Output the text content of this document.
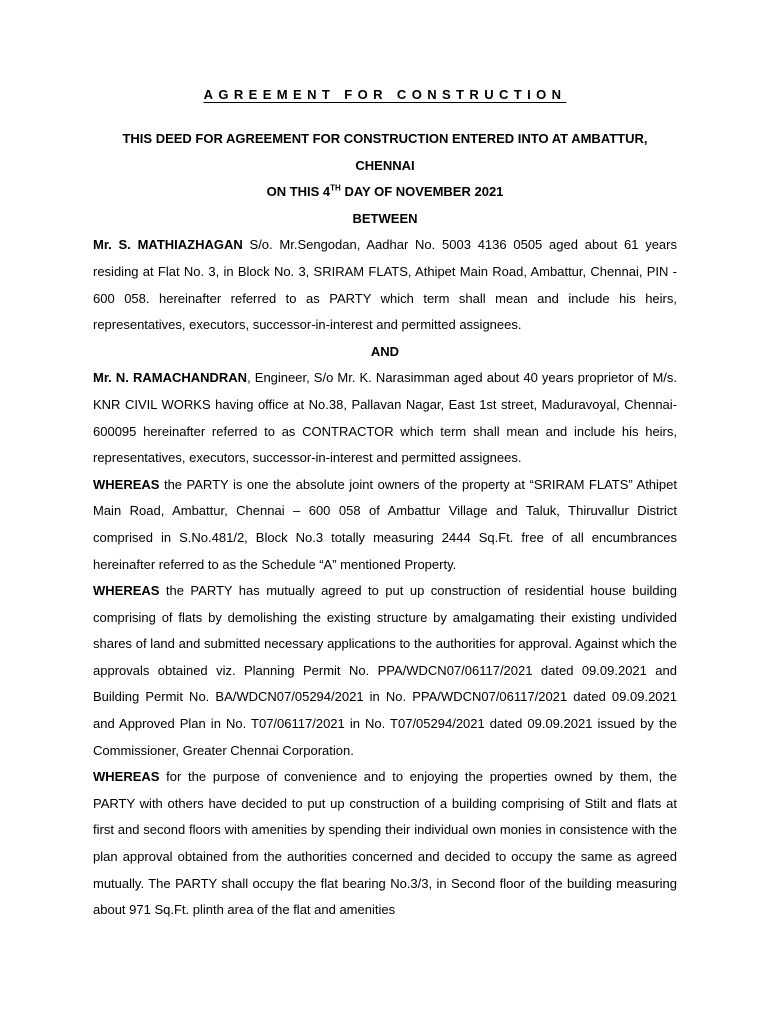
AGREEMENT FOR CONSTRUCTION

THIS DEED FOR AGREEMENT FOR CONSTRUCTION ENTERED INTO AT AMBATTUR, CHENNAI

ON THIS 4TH DAY OF NOVEMBER 2021

BETWEEN

Mr. S. MATHIAZHAGAN S/o. Mr.Sengodan, Aadhar No. 5003 4136 0505 aged about 61 years residing at Flat No. 3, in Block No. 3, SRIRAM FLATS, Athipet Main Road, Ambattur, Chennai, PIN - 600 058. hereinafter referred to as PARTY which term shall mean and include his heirs, representatives, executors, successor-in-interest and permitted assignees.

AND

Mr. N. RAMACHANDRAN, Engineer, S/o Mr. K. Narasimman aged about 40 years proprietor of M/s. KNR CIVIL WORKS having office at No.38, Pallavan Nagar, East 1st street, Maduravoyal, Chennai-600095 hereinafter referred to as CONTRACTOR which term shall mean and include his heirs, representatives, executors, successor-in-interest and permitted assignees.

WHEREAS the PARTY is one the absolute joint owners of the property at “SRIRAM FLATS” Athipet Main Road, Ambattur, Chennai – 600 058 of Ambattur Village and Taluk, Thiruvallur District comprised in S.No.481/2, Block No.3 totally measuring 2444 Sq.Ft. free of all encumbrances hereinafter referred to as the Schedule “A” mentioned Property.

WHEREAS the PARTY has mutually agreed to put up construction of residential house building comprising of flats by demolishing the existing structure by amalgamating their existing undivided shares of land and submitted necessary applications to the authorities for approval. Against which the approvals obtained viz. Planning Permit No. PPA/WDCN07/06117/2021 dated 09.09.2021 and Building Permit No. BA/WDCN07/05294/2021 in No. PPA/WDCN07/06117/2021 dated 09.09.2021 and Approved Plan in No. T07/06117/2021 in No. T07/05294/2021 dated 09.09.2021 issued by the Commissioner, Greater Chennai Corporation.

WHEREAS for the purpose of convenience and to enjoying the properties owned by them, the PARTY with others have decided to put up construction of a building comprising of Stilt and flats at first and second floors with amenities by spending their individual own monies in consistence with the plan approval obtained from the authorities concerned and decided to occupy the same as agreed mutually. The PARTY shall occupy the flat bearing No.3/3, in Second floor of the building measuring about 971 Sq.Ft. plinth area of the flat and amenities
